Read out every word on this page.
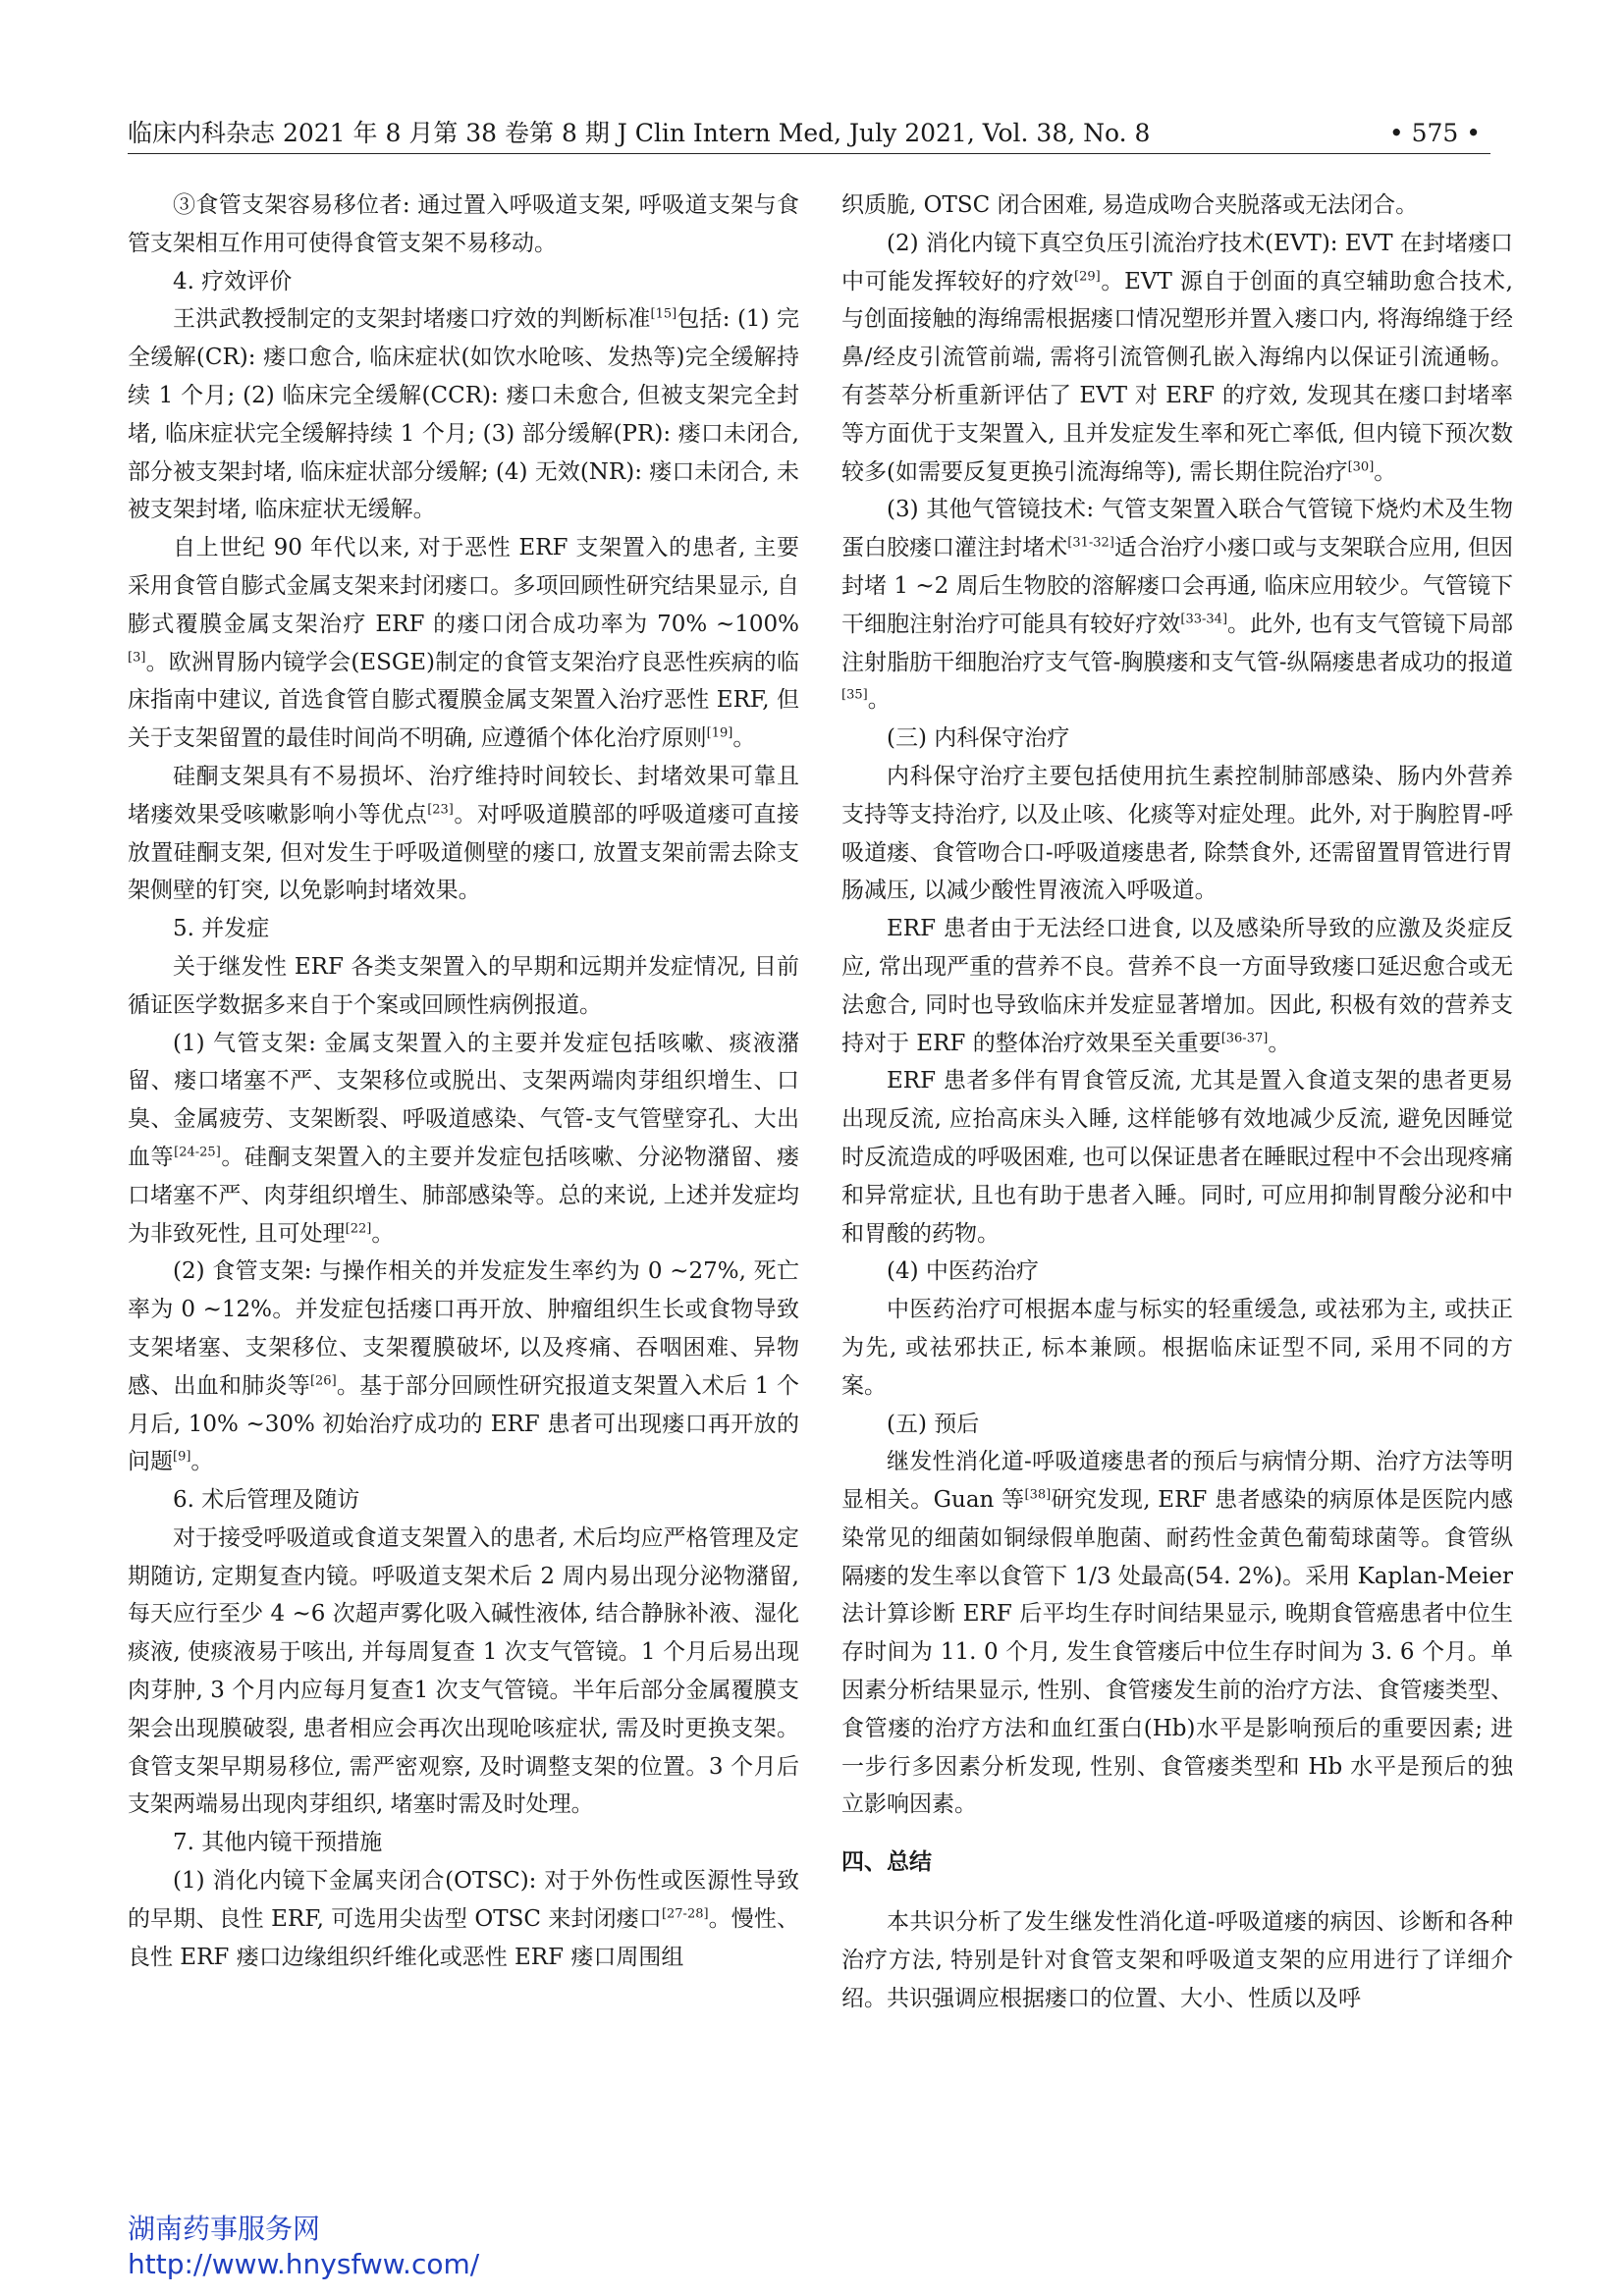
临床内科杂志 2021 年 8 月第 38 卷第 8 期 J Clin Intern Med, July 2021, Vol. 38, No. 8	• 575 •

③食管支架容易移位者: 通过置入呼吸道支架, 呼吸道支架与食管支架相互作用可使得食管支架不易移动。

4. 疗效评价

王洪武教授制定的支架封堵瘘口疗效的判断标准[15]包括: (1) 完全缓解(CR): 瘘口愈合, 临床症状(如饮水呛咳、发热等)完全缓解持续 1 个月; (2) 临床完全缓解(CCR): 瘘口未愈合, 但被支架完全封堵, 临床症状完全缓解持续 1 个月; (3) 部分缓解(PR): 瘘口未闭合, 部分被支架封堵, 临床症状部分缓解; (4) 无效(NR): 瘘口未闭合, 未被支架封堵, 临床症状无缓解。

自上世纪 90 年代以来, 对于恶性 ERF 支架置入的患者, 主要采用食管自膨式金属支架来封闭瘘口。多项回顾性研究结果显示, 自膨式覆膜金属支架治疗 ERF 的瘘口闭合成功率为 70% ~100%[3]。欧洲胃肠内镜学会(ESGE)制定的食管支架治疗良恶性疾病的临床指南中建议, 首选食管自膨式覆膜金属支架置入治疗恶性 ERF, 但关于支架留置的最佳时间尚不明确, 应遵循个体化治疗原则[19]。

硅酮支架具有不易损坏、治疗维持时间较长、封堵效果可靠且堵瘘效果受咳嗽影响小等优点[23]。对呼吸道膜部的呼吸道瘘可直接放置硅酮支架, 但对发生于呼吸道侧壁的瘘口, 放置支架前需去除支架侧壁的钉突, 以免影响封堵效果。

5. 并发症

关于继发性 ERF 各类支架置入的早期和远期并发症情况, 目前循证医学数据多来自于个案或回顾性病例报道。

(1) 气管支架: 金属支架置入的主要并发症包括咳嗽、痰液潴留、瘘口堵塞不严、支架移位或脱出、支架两端肉芽组织增生、口臭、金属疲劳、支架断裂、呼吸道感染、气管-支气管壁穿孔、大出血等[24-25]。硅酮支架置入的主要并发症包括咳嗽、分泌物潴留、瘘口堵塞不严、肉芽组织增生、肺部感染等。总的来说, 上述并发症均为非致死性, 且可处理[22]。

(2) 食管支架: 与操作相关的并发症发生率约为 0 ~27%, 死亡率为 0 ~12%。并发症包括瘘口再开放、肿瘤组织生长或食物导致支架堵塞、支架移位、支架覆膜破坏, 以及疼痛、吞咽困难、异物感、出血和肺炎等[26]。基于部分回顾性研究报道支架置入术后 1 个月后, 10% ~30% 初始治疗成功的 ERF 患者可出现瘘口再开放的问题[9]。

6. 术后管理及随访

对于接受呼吸道或食道支架置入的患者, 术后均应严格管理及定期随访, 定期复查内镜。呼吸道支架术后 2 周内易出现分泌物潴留, 每天应行至少 4 ~6 次超声雾化吸入碱性液体, 结合静脉补液、湿化痰液, 使痰液易于咳出, 并每周复查 1 次支气管镜。1 个月后易出现肉芽肿, 3 个月内应每月复查1 次支气管镜。半年后部分金属覆膜支架会出现膜破裂, 患者相应会再次出现呛咳症状, 需及时更换支架。食管支架早期易移位, 需严密观察, 及时调整支架的位置。3 个月后支架两端易出现肉芽组织, 堵塞时需及时处理。

7. 其他内镜干预措施

(1) 消化内镜下金属夹闭合(OTSC): 对于外伤性或医源性导致的早期、良性 ERF, 可选用尖齿型 OTSC 来封闭瘘口[27-28]。慢性、良性 ERF 瘘口边缘组织纤维化或恶性 ERF 瘘口周围组

织质脆, OTSC 闭合困难, 易造成吻合夹脱落或无法闭合。

(2) 消化内镜下真空负压引流治疗技术(EVT): EVT 在封堵瘘口中可能发挥较好的疗效[29]。EVT 源自于创面的真空辅助愈合技术, 与创面接触的海绵需根据瘘口情况塑形并置入瘘口内, 将海绵缝于经鼻/经皮引流管前端, 需将引流管侧孔嵌入海绵内以保证引流通畅。有荟萃分析重新评估了 EVT 对 ERF 的疗效, 发现其在瘘口封堵率等方面优于支架置入, 且并发症发生率和死亡率低, 但内镜下预次数较多(如需要反复更换引流海绵等), 需长期住院治疗[30]。

(3) 其他气管镜技术: 气管支架置入联合气管镜下烧灼术及生物蛋白胶瘘口灌注封堵术[31-32]适合治疗小瘘口或与支架联合应用, 但因封堵 1 ~2 周后生物胶的溶解瘘口会再通, 临床应用较少。气管镜下干细胞注射治疗可能具有较好疗效[33-34]。此外, 也有支气管镜下局部注射脂肪干细胞治疗支气管-胸膜瘘和支气管-纵隔瘘患者成功的报道[35]。

(三) 内科保守治疗

内科保守治疗主要包括使用抗生素控制肺部感染、肠内外营养支持等支持治疗, 以及止咳、化痰等对症处理。此外, 对于胸腔胃-呼吸道瘘、食管吻合口-呼吸道瘘患者, 除禁食外, 还需留置胃管进行胃肠减压, 以减少酸性胃液流入呼吸道。

ERF 患者由于无法经口进食, 以及感染所导致的应激及炎症反应, 常出现严重的营养不良。营养不良一方面导致瘘口延迟愈合或无法愈合, 同时也导致临床并发症显著增加。因此, 积极有效的营养支持对于 ERF 的整体治疗效果至关重要[36-37]。

ERF 患者多伴有胃食管反流, 尤其是置入食道支架的患者更易出现反流, 应抬高床头入睡, 这样能够有效地减少反流, 避免因睡觉时反流造成的呼吸困难, 也可以保证患者在睡眠过程中不会出现疼痛和异常症状, 且也有助于患者入睡。同时, 可应用抑制胃酸分泌和中和胃酸的药物。

(4) 中医药治疗

中医药治疗可根据本虚与标实的轻重缓急, 或祛邪为主, 或扶正为先, 或祛邪扶正, 标本兼顾。根据临床证型不同, 采用不同的方案。

(五) 预后

继发性消化道-呼吸道瘘患者的预后与病情分期、治疗方法等明显相关。Guan 等[38]研究发现, ERF 患者感染的病原体是医院内感染常见的细菌如铜绿假单胞菌、耐药性金黄色葡萄球菌等。食管纵隔瘘的发生率以食管下 1/3 处最高(54. 2%)。采用 Kaplan-Meier 法计算诊断 ERF 后平均生存时间结果显示, 晚期食管癌患者中位生存时间为 11. 0 个月, 发生食管瘘后中位生存时间为 3. 6 个月。单因素分析结果显示, 性别、食管瘘发生前的治疗方法、食管瘘类型、食管瘘的治疗方法和血红蛋白(Hb)水平是影响预后的重要因素; 进一步行多因素分析发现, 性别、食管瘘类型和 Hb 水平是预后的独立影响因素。

四、总结

本共识分析了发生继发性消化道-呼吸道瘘的病因、诊断和各种治疗方法, 特别是针对食管支架和呼吸道支架的应用进行了详细介绍。共识强调应根据瘘口的位置、大小、性质以及呼

湖南药事服务网
http://www.hnysfww.com/
